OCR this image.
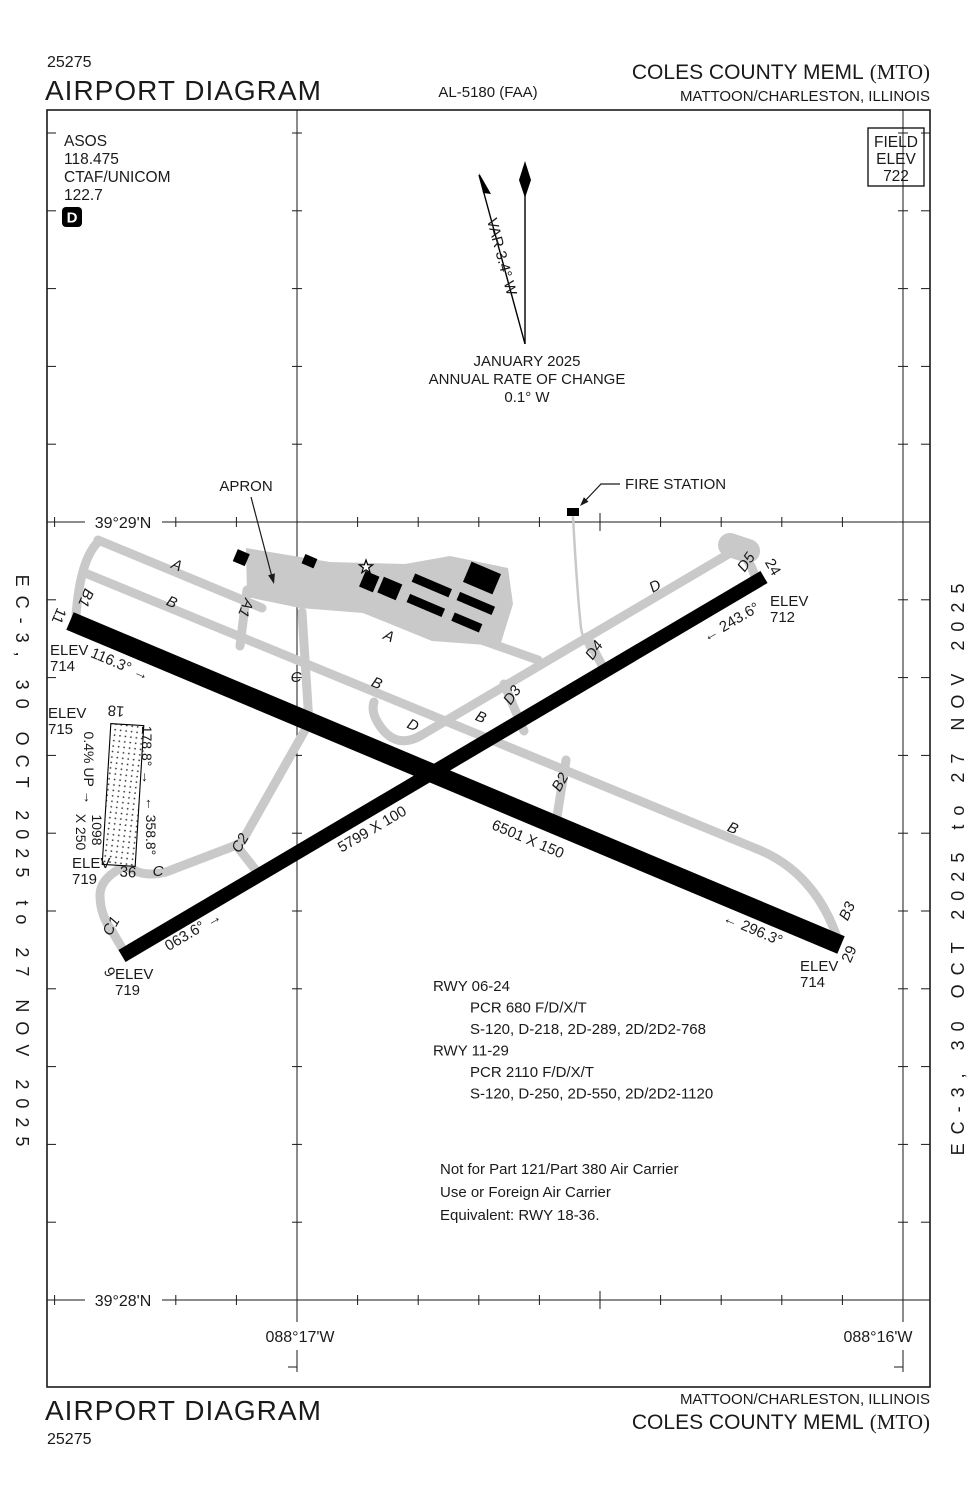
25275
AIRPORT DIAGRAM	AL-5180 (FAA)
COLES COUNTY MEML (MTO)
MATTOON/CHARLESTON, ILLINOIS
39°29'N
39°28'N
088°17'W	088°16'W
ASOS
118.475
CTAF/UNICOM
122.7
D
FIELD
ELEV
722
VAR 3.4° W
JANUARY 2025
ANNUAL RATE OF CHANGE
0.1° W
APRON	FIRE STATION
11
29
ELEV
714
ELEV
714
116.3° →
← 296.3°
6501 X 150
6
24
ELEV
719
ELEV
712
063.6° →
← 243.6°
5799 X 100
18
36
ELEV
715
ELEV
719
0.4% UP →
1098
X 250
178.8° →
← 358.8°
A
B
B1	A1
A
B
C
D	B
D3
B2
B
D
D4
D5
C2
C
C1
B3
RWY 06-24
PCR 680 F/D/X/T
S-120, D-218, 2D-289, 2D/2D2-768
RWY 11-29
PCR 2110 F/D/X/T
S-120, D-250, 2D-550, 2D/2D2-1120
Not for Part 121/Part 380 Air Carrier
Use or Foreign Air Carrier
Equivalent: RWY 18-36.
EC-3, 30 OCT 2025 to 27 NOV 2025	EC-3, 30 OCT 2025 to 27 NOV 2025
AIRPORT DIAGRAM
25275
MATTOON/CHARLESTON, ILLINOIS
COLES COUNTY MEML (MTO)
